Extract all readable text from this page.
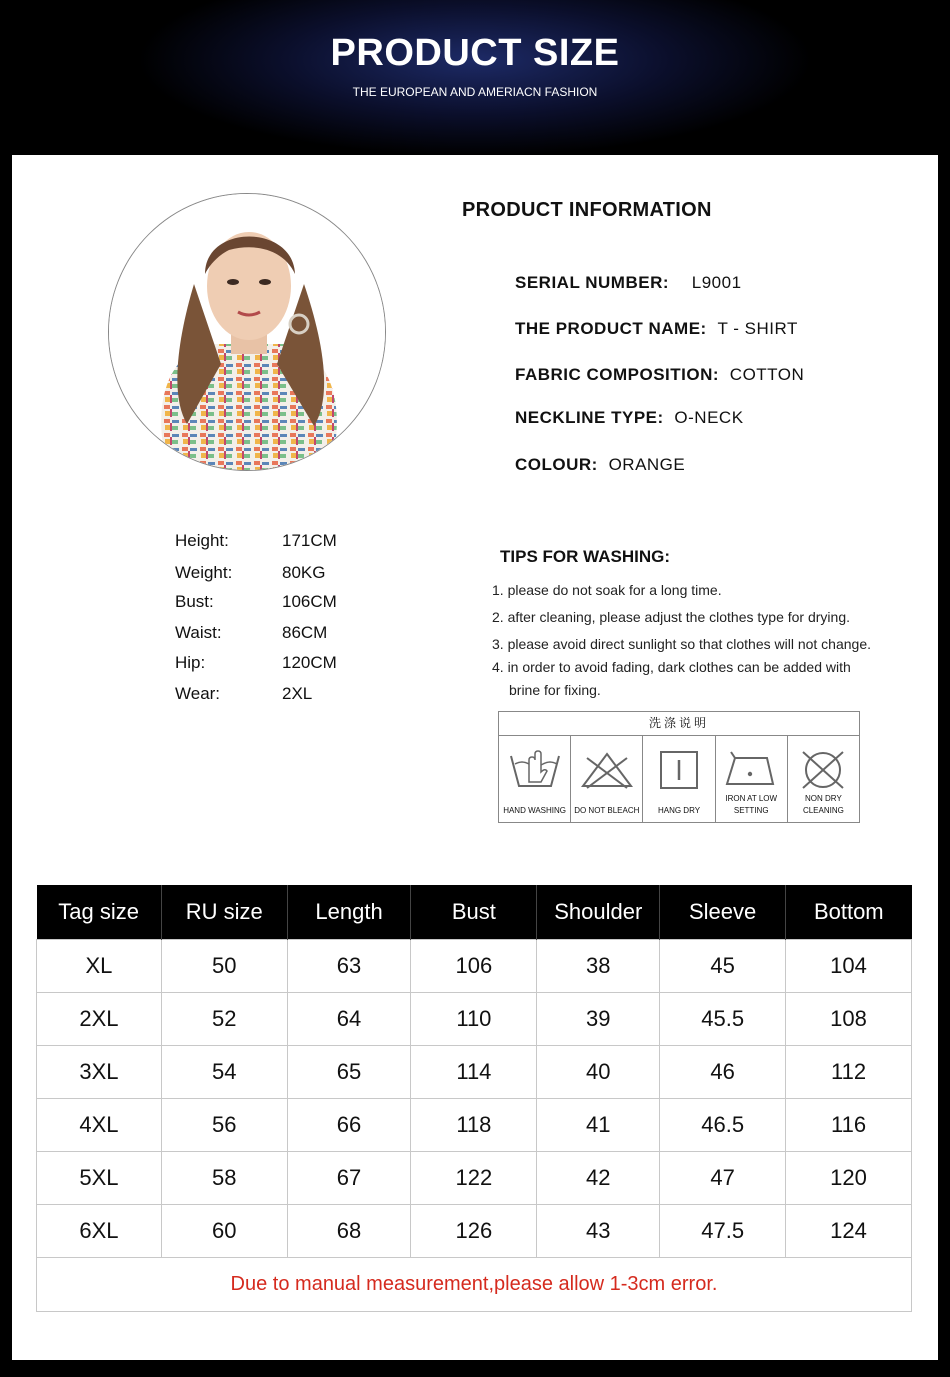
PRODUCT SIZE
THE EUROPEAN AND AMERIACN FASHION
PRODUCT INFORMATION
SERIAL NUMBER: L9001
THE PRODUCT NAME: T - SHIRT
FABRIC COMPOSITION: COTTON
NECKLINE TYPE: O-NECK
COLOUR: ORANGE
Height:	171CM
Weight:	80KG
Bust:	106CM
Waist:	86CM
Hip:	120CM
Wear:	2XL
TIPS FOR WASHING:
1. please do not soak for a long time.
2. after cleaning, please adjust the clothes type for drying.
3. please avoid direct sunlight so that clothes will not change.
4. in order to avoid fading, dark clothes can be added with
brine for fixing.
洗涤说明
HAND WASHING	DO NOT BLEACH	HANG DRY
IRON AT LOW
SETTING
NON DRY
CLEANING
Tag size	RU size	Length	Bust	Shoulder	Sleeve	Bottom
XL	50	63	106	38	45	104
2XL	52	64	110	39	45.5	108
3XL	54	65	114	40	46	112
4XL	56	66	118	41	46.5	116
5XL	58	67	122	42	47	120
6XL	60	68	126	43	47.5	124
Due to manual measurement,please allow 1-3cm error.						
